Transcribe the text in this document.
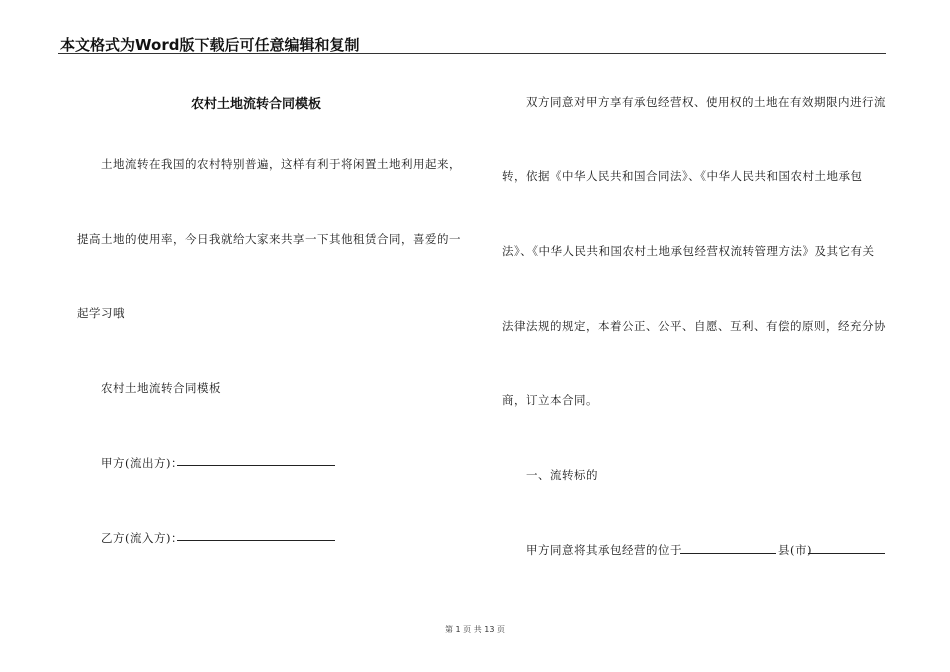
本文格式为Word版下载后可任意编辑和复制
农村土地流转合同模板
土地流转在我国的农村特别普遍，这样有利于将闲置土地利用起来，
提高土地的使用率，今日我就给大家来共享一下其他租赁合同，喜爱的一
起学习哦
农村土地流转合同模板
甲方(流出方)：
乙方(流入方)：
双方同意对甲方享有承包经营权、使用权的土地在有效期限内进行流
转，依据《中华人民共和国合同法》、《中华人民共和国农村土地承包
法》、《中华人民共和国农村土地承包经营权流转管理方法》及其它有关
法律法规的规定，本着公正、公平、自愿、互利、有偿的原则，经充分协
商，订立本合同。
一、流转标的
甲方同意将其承包经营的位于	县(市)
第 1 页 共 13 页
